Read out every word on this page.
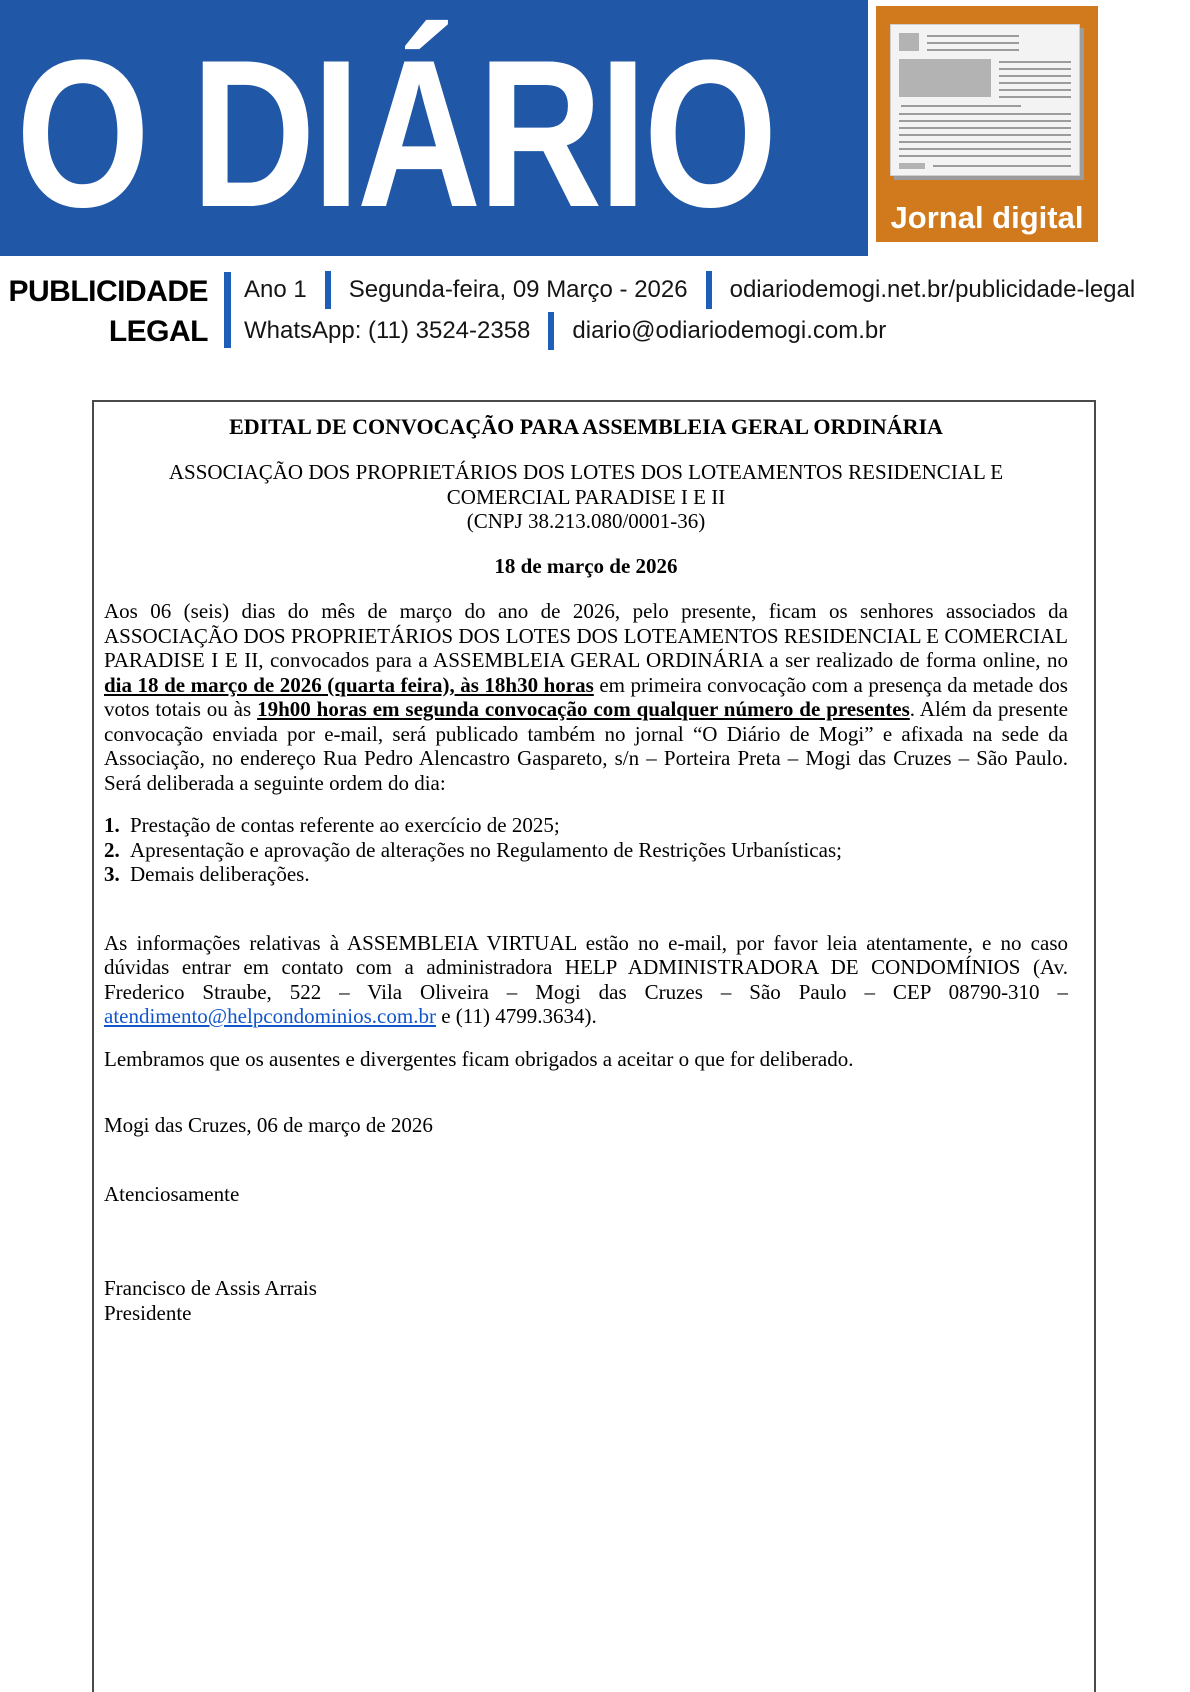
O DIÁRIO	Jornal digital
PUBLICIDADE
LEGAL
Ano 1 Segunda-feira, 09 Março - 2026 odiariodemogi.net.br/publicidade-legal
WhatsApp: (11) 3524-2358 diario@odiariodemogi.com.br
EDITAL DE CONVOCAÇÃO PARA ASSEMBLEIA GERAL ORDINÁRIA
ASSOCIAÇÃO DOS PROPRIETÁRIOS DOS LOTES DOS LOTEAMENTOS RESIDENCIAL E
COMERCIAL PARADISE I E II
(CNPJ 38.213.080/0001-36)
18 de março de 2026

Aos 06 (seis) dias do mês de março do ano de 2026, pelo presente, ficam os senhores associados da ASSOCIAÇÃO DOS PROPRIETÁRIOS DOS LOTES DOS LOTEAMENTOS RESIDENCIAL E COMERCIAL PARADISE I E II, convocados para a ASSEMBLEIA GERAL ORDINÁRIA a ser realizado de forma online, no dia 18 de março de 2026 (quarta feira), às 18h30 horas em primeira convocação com a presença da metade dos votos totais ou às 19h00 horas em segunda convocação com qualquer número de presentes. Além da presente convocação enviada por e-mail, será publicado também no jornal “O Diário de Mogi” e afixada na sede da Associação, no endereço Rua Pedro Alencastro Gaspareto, s/n – Porteira Preta – Mogi das Cruzes – São Paulo. Será deliberada a seguinte ordem do dia:

1. Prestação de contas referente ao exercício de 2025;
2. Apresentação e aprovação de alterações no Regulamento de Restrições Urbanísticas;
3. Demais deliberações.

As informações relativas à ASSEMBLEIA VIRTUAL estão no e-mail, por favor leia atentamente, e no caso dúvidas entrar em contato com a administradora HELP ADMINISTRADORA DE CONDOMÍNIOS (Av. Frederico Straube, 522 – Vila Oliveira – Mogi das Cruzes – São Paulo – CEP 08790-310 – atendimento@helpcondominios.com.br e (11) 4799.3634).

Lembramos que os ausentes e divergentes ficam obrigados a aceitar o que for deliberado.

Mogi das Cruzes, 06 de março de 2026

Atenciosamente

Francisco de Assis Arrais
Presidente
